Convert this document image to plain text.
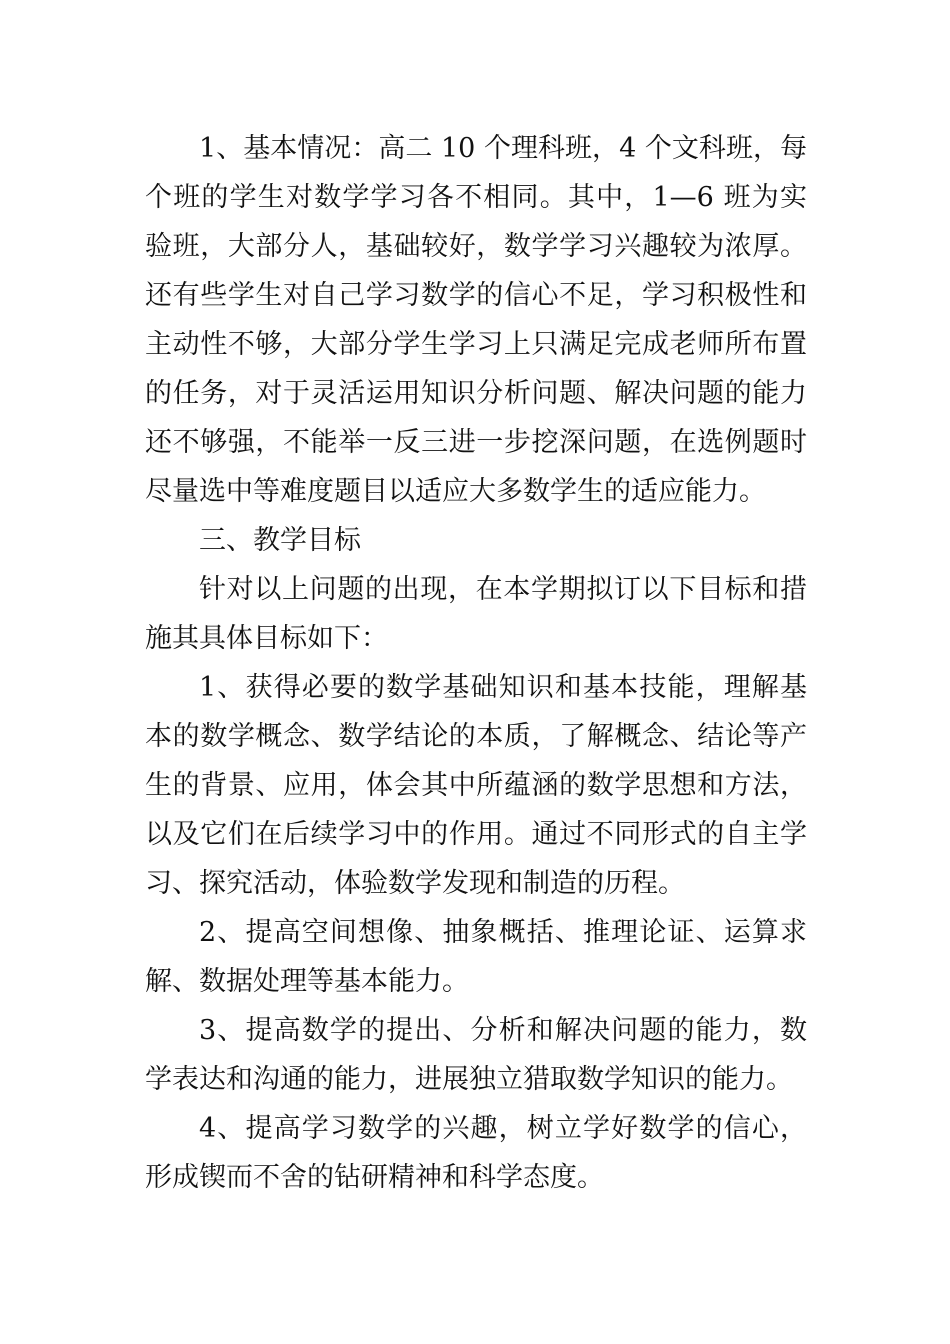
1、基本情况：高二 10 个理科班，4 个文科班，每个班的学生对数学学习各不相同。其中，1—6 班为实验班，大部分人，基础较好，数学学习兴趣较为浓厚。还有些学生对自己学习数学的信心不足，学习积极性和主动性不够，大部分学生学习上只满足完成老师所布置的任务，对于灵活运用知识分析问题、解决问题的能力还不够强，不能举一反三进一步挖深问题，在选例题时尽量选中等难度题目以适应大多数学生的适应能力。

三、教学目标

针对以上问题的出现，在本学期拟订以下目标和措施其具体目标如下：

1、获得必要的数学基础知识和基本技能，理解基本的数学概念、数学结论的本质，了解概念、结论等产生的背景、应用，体会其中所蕴涵的数学思想和方法，以及它们在后续学习中的作用。通过不同形式的自主学习、探究活动，体验数学发现和制造的历程。

2、提高空间想像、抽象概括、推理论证、运算求解、数据处理等基本能力。

3、提高数学的提出、分析和解决问题的能力，数学表达和沟通的能力，进展独立猎取数学知识的能力。

4、提高学习数学的兴趣，树立学好数学的信心，形成锲而不舍的钻研精神和科学态度。
